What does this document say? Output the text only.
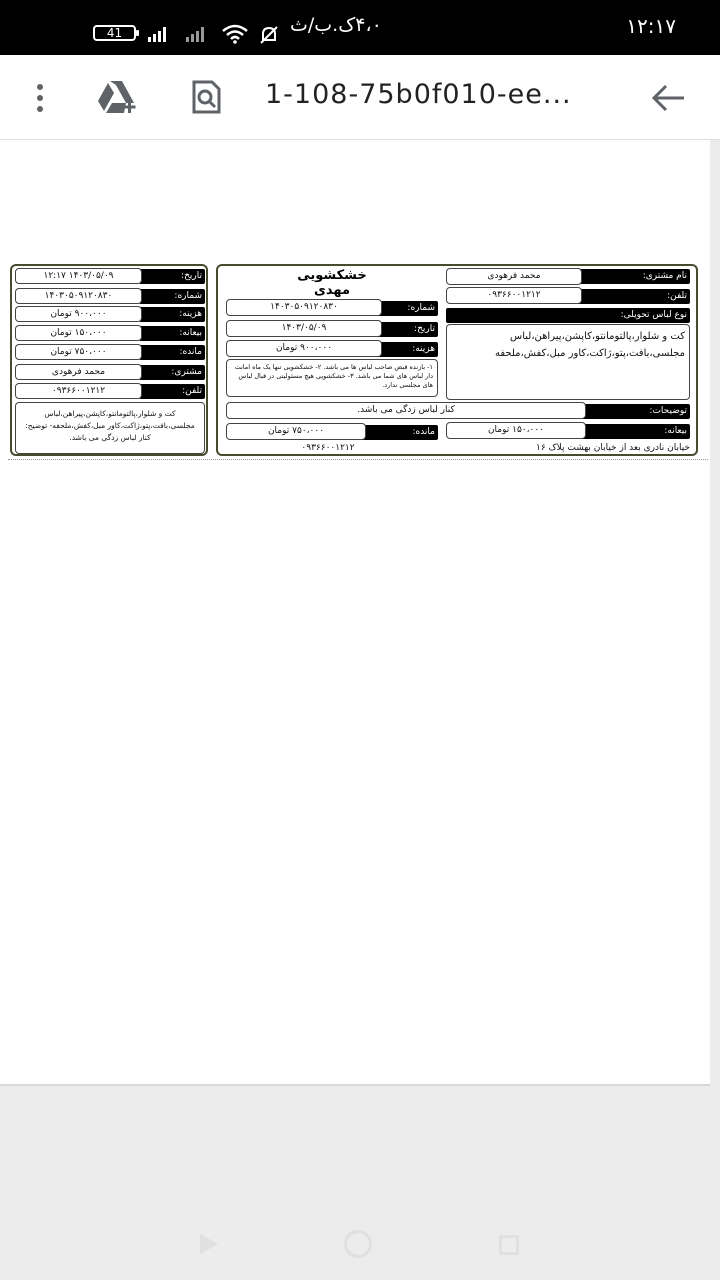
41	۴،۰ک.ب/ث	۱۲:۱۷
1-108-75b0f010-ee...
تاریخ:
۱۴۰۳/۰۵/۰۹ ۱۲:۱۷
شماره:
۱۴۰۳۰۵۰۹۱۲۰۸۳۰
هزینه:
۹۰۰،۰۰۰ تومان
بیعانه:
۱۵۰،۰۰۰ تومان
مانده:
۷۵۰،۰۰۰ تومان
مشتری:
محمد فرهودی
تلفن:
۰۹۳۶۶۰۰۱۲۱۲
کت و شلوار،پالتومانتو،کاپشن،پیراهن،لباس مجلسی،بافت،پتو،ژاکت،کاور مبل،کفش،ملحفه- توضیح: کنار لباس زدگی می باشد.
خشکشویی مهدی
نام مشتری:
محمد فرهودی
تلفن:
۰۹۳۶۶۰۰۱۲۱۲
نوع لباس تحویلی:
کت و شلوار،پالتومانتو،کاپشن،پیراهن،لباس مجلسی،بافت،پتو،ژاکت،کاور مبل،کفش،ملحفه
شماره:
۱۴۰۳۰۵۰۹۱۲۰۸۳۰
تاریخ:
۱۴۰۳/۰۵/۰۹
هزینه:
۹۰۰،۰۰۰ تومان
۱- بازنده قبض صاحب لباس ها می باشد. ۲- خشکشویی تنها یک ماه امانت دار لباس های شما می باشد. ۳- خشکشویی هیچ مسئولیتی در قبال لباس های مجلسی ندارد.
توضیحات:
کنار لباس زدگی می باشد.
بیعانه:
۱۵۰،۰۰۰ تومان
مانده:
۷۵۰،۰۰۰ تومان
خیابان نادری بعد از خیابان بهشت پلاک ۱۶
۰۹۳۶۶۰۰۱۲۱۲
